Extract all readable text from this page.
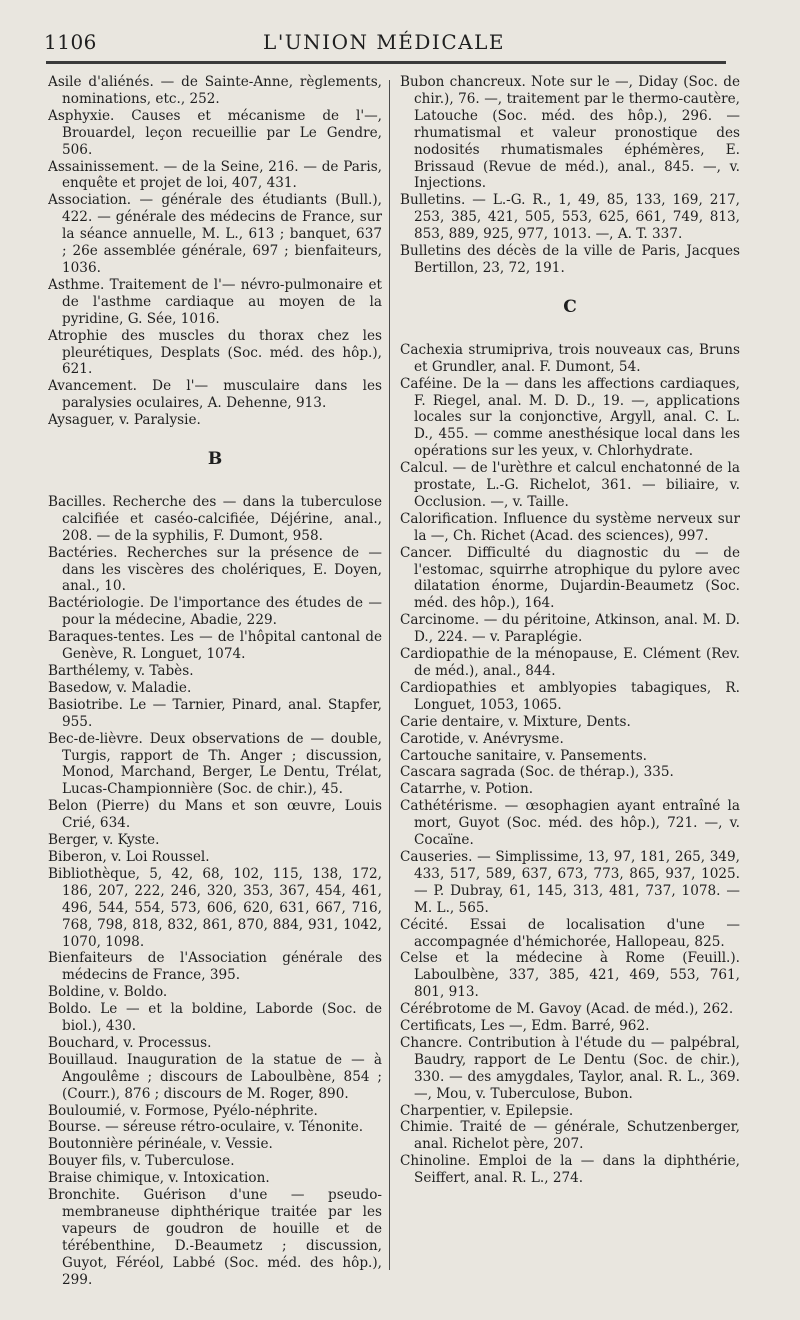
1106	L'UNION MÉDICALE

Asile d'aliénés. — de Sainte-Anne, règlements, nominations, etc., 252.

Asphyxie. Causes et mécanisme de l'—, Brouardel, leçon recueillie par Le Gendre, 506.

Assainissement. — de la Seine, 216. — de Paris, enquête et projet de loi, 407, 431.

Association. — générale des étudiants (Bull.), 422. — générale des médecins de France, sur la séance annuelle, M. L., 613 ; banquet, 637 ; 26e assemblée générale, 697 ; bienfaiteurs, 1036.

Asthme. Traitement de l'— névro-pulmonaire et de l'asthme cardiaque au moyen de la pyridine, G. Sée, 1016.

Atrophie des muscles du thorax chez les pleurétiques, Desplats (Soc. méd. des hôp.), 621.

Avancement. De l'— musculaire dans les paralysies oculaires, A. Dehenne, 913.

Aysaguer, v. Paralysie.

B

Bacilles. Recherche des — dans la tuberculose calcifiée et caséo-calcifiée, Déjérine, anal., 208. — de la syphilis, F. Dumont, 958.

Bactéries. Recherches sur la présence de — dans les viscères des cholériques, E. Doyen, anal., 10.

Bactériologie. De l'importance des études de — pour la médecine, Abadie, 229.

Baraques-tentes. Les — de l'hôpital cantonal de Genève, R. Longuet, 1074.

Barthélemy, v. Tabès.

Basedow, v. Maladie.

Basiotribe. Le — Tarnier, Pinard, anal. Stapfer, 955.

Bec-de-lièvre. Deux observations de — double, Turgis, rapport de Th. Anger ; discussion, Monod, Marchand, Berger, Le Dentu, Trélat, Lucas-Championnière (Soc. de chir.), 45.

Belon (Pierre) du Mans et son œuvre, Louis Crié, 634.

Berger, v. Kyste.

Biberon, v. Loi Roussel.

Bibliothèque, 5, 42, 68, 102, 115, 138, 172, 186, 207, 222, 246, 320, 353, 367, 454, 461, 496, 544, 554, 573, 606, 620, 631, 667, 716, 768, 798, 818, 832, 861, 870, 884, 931, 1042, 1070, 1098.

Bienfaiteurs de l'Association générale des médecins de France, 395.

Boldine, v. Boldo.

Boldo. Le — et la boldine, Laborde (Soc. de biol.), 430.

Bouchard, v. Processus.

Bouillaud. Inauguration de la statue de — à Angoulême ; discours de Laboulbène, 854 ; (Courr.), 876 ; discours de M. Roger, 890.

Bouloumié, v. Formose, Pyélo-néphrite.

Bourse. — séreuse rétro-oculaire, v. Ténonite.

Boutonnière périnéale, v. Vessie.

Bouyer fils, v. Tuberculose.

Braise chimique, v. Intoxication.

Bronchite. Guérison d'une — pseudo-membraneuse diphthérique traitée par les vapeurs de goudron de houille et de térébenthine, D.-Beaumetz ; discussion, Guyot, Féréol, Labbé (Soc. méd. des hôp.), 299.

Bubon chancreux. Note sur le —, Diday (Soc. de chir.), 76. —, traitement par le thermo-cautère, Latouche (Soc. méd. des hôp.), 296. — rhumatismal et valeur pronostique des nodosités rhumatismales éphémères, E. Brissaud (Revue de méd.), anal., 845. —, v. Injections.

Bulletins. — L.-G. R., 1, 49, 85, 133, 169, 217, 253, 385, 421, 505, 553, 625, 661, 749, 813, 853, 889, 925, 977, 1013. —, A. T. 337.

Bulletins des décès de la ville de Paris, Jacques Bertillon, 23, 72, 191.

C

Cachexia strumipriva, trois nouveaux cas, Bruns et Grundler, anal. F. Dumont, 54.

Caféine. De la — dans les affections cardiaques, F. Riegel, anal. M. D. D., 19. —, applications locales sur la conjonctive, Argyll, anal. C. L. D., 455. — comme anesthésique local dans les opérations sur les yeux, v. Chlorhydrate.

Calcul. — de l'urèthre et calcul enchatonné de la prostate, L.-G. Richelot, 361. — biliaire, v. Occlusion. —, v. Taille.

Calorification. Influence du système nerveux sur la —, Ch. Richet (Acad. des sciences), 997.

Cancer. Difficulté du diagnostic du — de l'estomac, squirrhe atrophique du pylore avec dilatation énorme, Dujardin-Beaumetz (Soc. méd. des hôp.), 164.

Carcinome. — du péritoine, Atkinson, anal. M. D. D., 224. — v. Paraplégie.

Cardiopathie de la ménopause, E. Clément (Rev. de méd.), anal., 844.

Cardiopathies et amblyopies tabagiques, R. Longuet, 1053, 1065.

Carie dentaire, v. Mixture, Dents.

Carotide, v. Anévrysme.

Cartouche sanitaire, v. Pansements.

Cascara sagrada (Soc. de thérap.), 335.

Catarrhe, v. Potion.

Cathétérisme. — œsophagien ayant entraîné la mort, Guyot (Soc. méd. des hôp.), 721. —, v. Cocaïne.

Causeries. — Simplissime, 13, 97, 181, 265, 349, 433, 517, 589, 637, 673, 773, 865, 937, 1025. — P. Dubray, 61, 145, 313, 481, 737, 1078. — M. L., 565.

Cécité. Essai de localisation d'une — accompagnée d'hémichorée, Hallopeau, 825.

Celse et la médecine à Rome (Feuill.). Laboulbène, 337, 385, 421, 469, 553, 761, 801, 913.

Cérébrotome de M. Gavoy (Acad. de méd.), 262.

Certificats, Les —, Edm. Barré, 962.

Chancre. Contribution à l'étude du — palpébral, Baudry, rapport de Le Dentu (Soc. de chir.), 330. — des amygdales, Taylor, anal. R. L., 369. —, Mou, v. Tuberculose, Bubon.

Charpentier, v. Epilepsie.

Chimie. Traité de — générale, Schutzenberger, anal. Richelot père, 207.

Chinoline. Emploi de la — dans la diphthérie, Seiffert, anal. R. L., 274.
